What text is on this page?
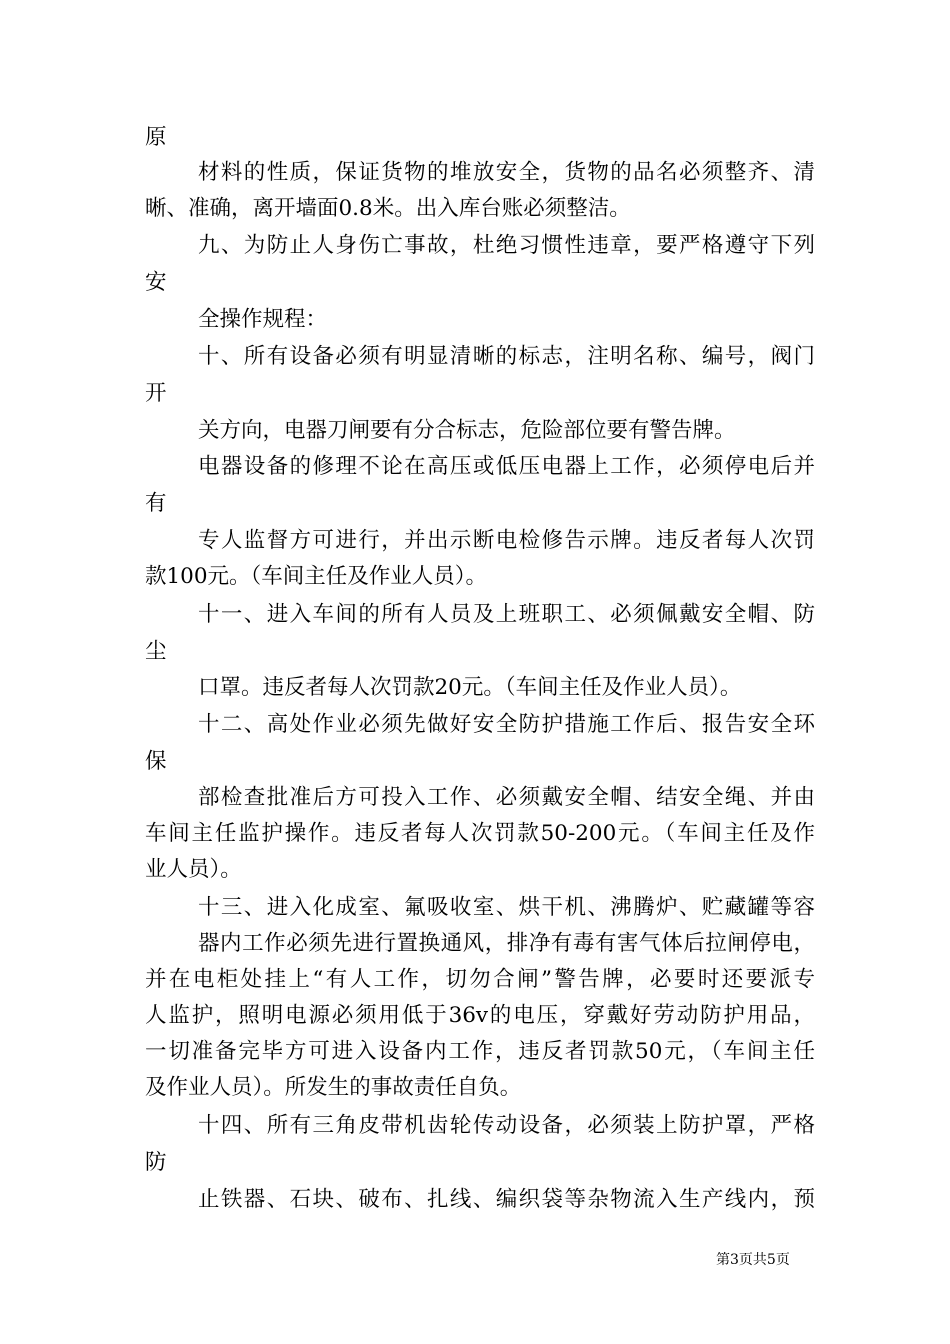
原
材料的性质，保证货物的堆放安全，货物的品名必须整齐、清
晰、准确，离开墙面0.8米。出入库台账必须整洁。
九、为防止人身伤亡事故，杜绝习惯性违章，要严格遵守下列
安
全操作规程：
十、所有设备必须有明显清晰的标志，注明名称、编号，阀门
开
关方向，电器刀闸要有分合标志，危险部位要有警告牌。
电器设备的修理不论在高压或低压电器上工作，必须停电后并
有
专人监督方可进行，并出示断电检修告示牌。违反者每人次罚
款100元。（车间主任及作业人员）。
十一、进入车间的所有人员及上班职工、必须佩戴安全帽、防
尘
口罩。违反者每人次罚款20元。（车间主任及作业人员）。
十二、高处作业必须先做好安全防护措施工作后、报告安全环
保
部检查批准后方可投入工作、必须戴安全帽、结安全绳、并由
车间主任监护操作。违反者每人次罚款50-200元。（车间主任及作
业人员）。
十三、进入化成室、氟吸收室、烘干机、沸腾炉、贮藏罐等容
器内工作必须先进行置换通风，排净有毒有害气体后拉闸停电，
并在电柜处挂上“有人工作，切勿合闸”警告牌，必要时还要派专
人监护，照明电源必须用低于36v的电压，穿戴好劳动防护用品，
一切准备完毕方可进入设备内工作，违反者罚款50元，（车间主任
及作业人员）。所发生的事故责任自负。
十四、所有三角皮带机齿轮传动设备，必须装上防护罩，严格
防
止铁器、石块、破布、扎线、编织袋等杂物流入生产线内，预
第3页共5页
